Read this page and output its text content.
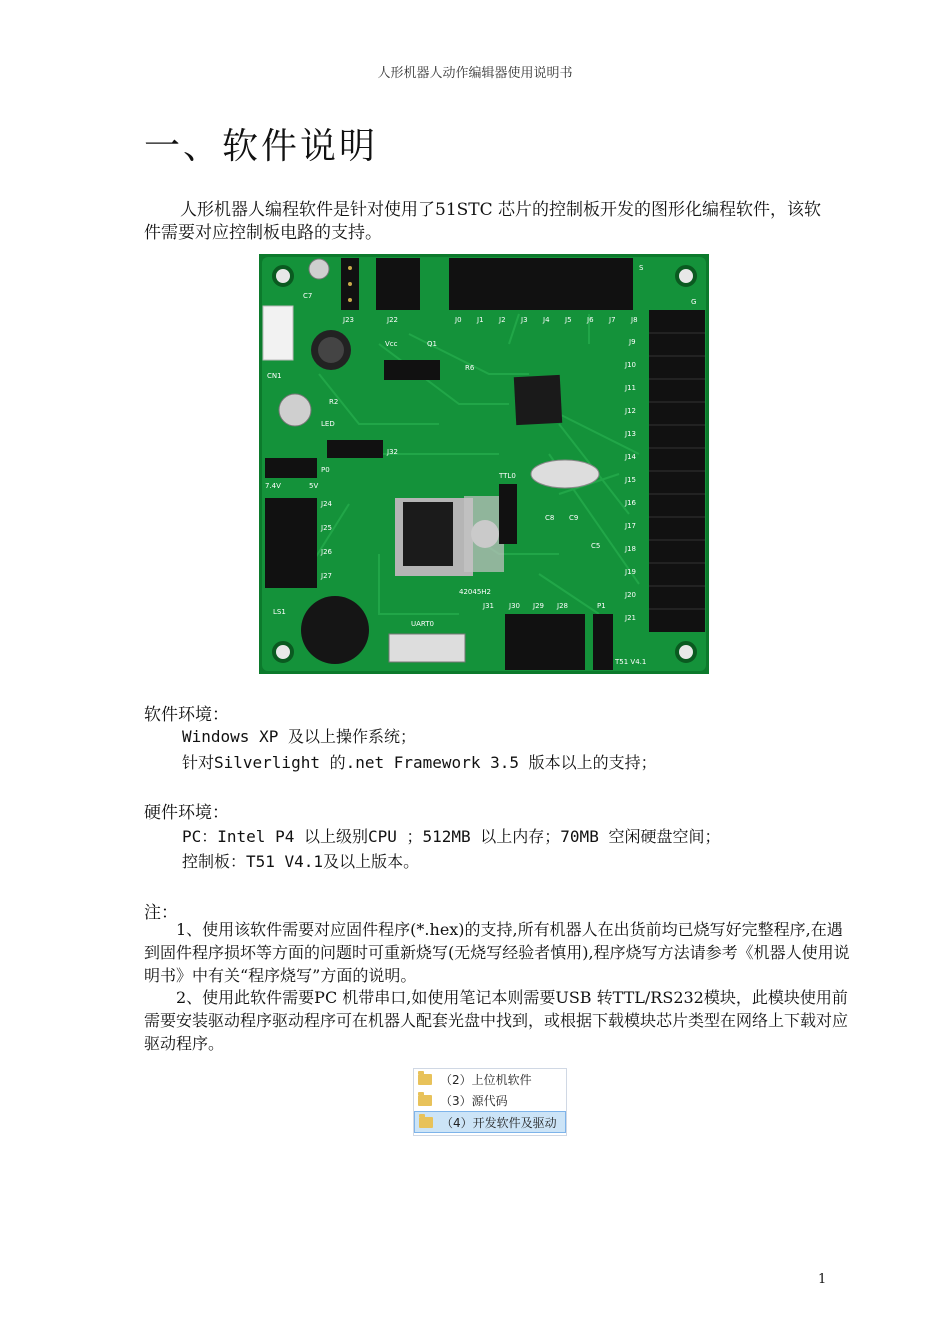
人形机器人动作编辑器使用说明书
一、软件说明
人形机器人编程软件是针对使用了51STC 芯片的控制板开发的图形化编程软件，该软件需要对应控制板电路的支持。
J23	J22	J0 J1 J2 J3 J4 J5 J6 J7 J8
J9
J10
J11
J12
J13
J14
J15
J16
J17
J18
J19
J20
J21
J24
J25
J26
J27
J31 J30 J29 J28	P1
C7
CN1
Vcc	Q1
R6
R2
LED
J32
P0
7.4V	5V
TTL0
C8 C9
C5
LS1
UART0
42045H2
T51 V4.1
G
S
软件环境：
Windows XP 及以上操作系统；
针对Silverlight 的.net Framework 3.5 版本以上的支持；
硬件环境：
PC：Intel P4 以上级别CPU ；512MB 以上内存；70MB 空闲硬盘空间；
控制板：T51 V4.1及以上版本。
注：
1、使用该软件需要对应固件程序(*.hex)的支持,所有机器人在出货前均已烧写好完整程序,在遇到固件程序损坏等方面的问题时可重新烧写(无烧写经验者慎用),程序烧写方法请参考《机器人使用说明书》中有关“程序烧写”方面的说明。
2、使用此软件需要PC 机带串口,如使用笔记本则需要USB 转TTL/RS232模块，此模块使用前需要安装驱动程序驱动程序可在机器人配套光盘中找到，或根据下载模块芯片类型在网络上下载对应驱动程序。
（2）上位机软件
（3）源代码
（4）开发软件及驱动
1
